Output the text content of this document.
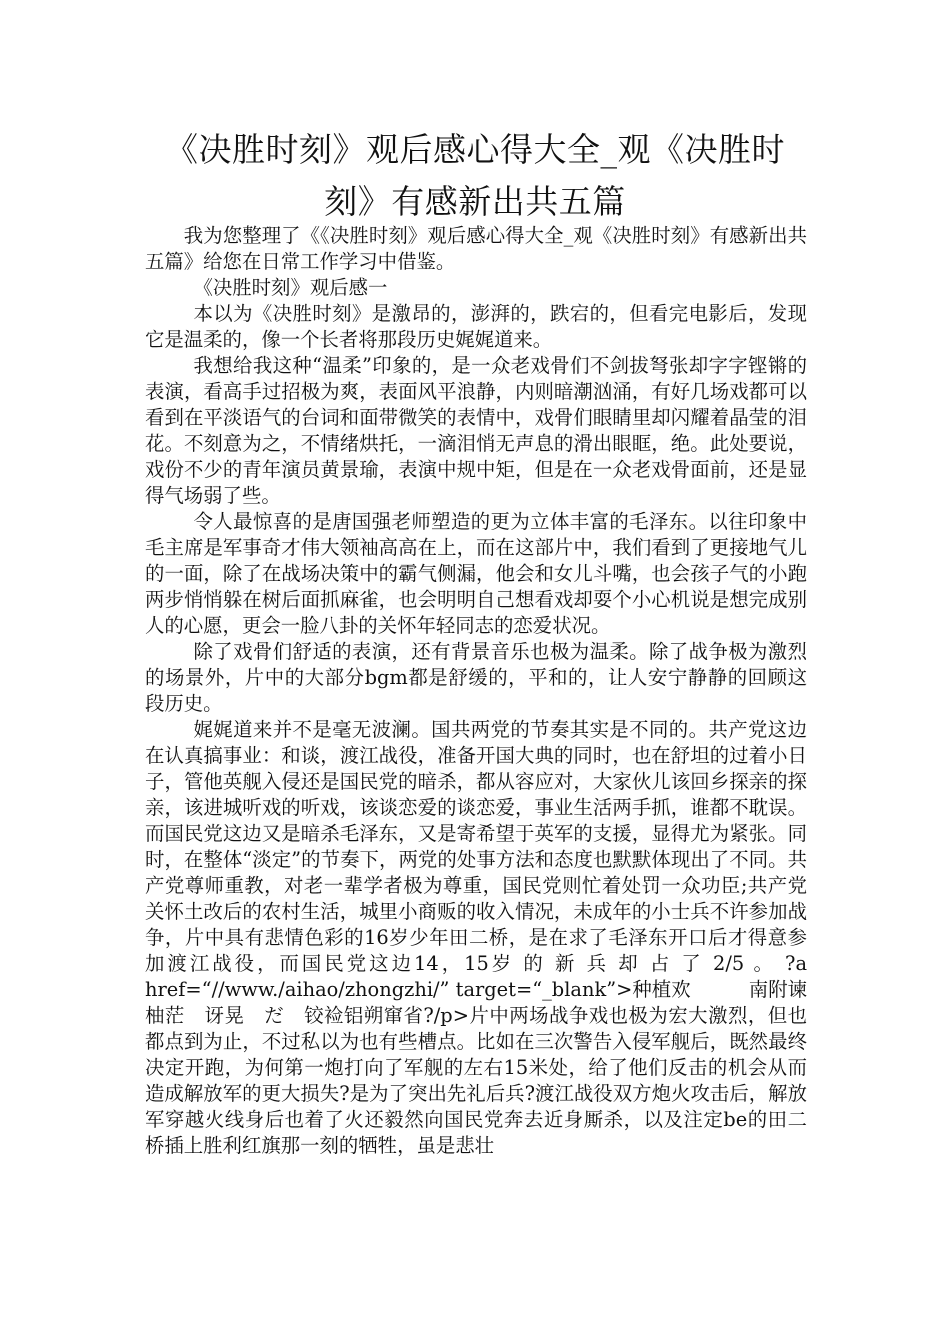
《决胜时刻》观后感心得大全_观《决胜时刻》有感新出共五篇

我为您整理了《《决胜时刻》观后感心得大全_观《决胜时刻》有感新出共五篇》给您在日常工作学习中借鉴。

《决胜时刻》观后感一

本以为《决胜时刻》是激昂的，澎湃的，跌宕的，但看完电影后，发现它是温柔的，像一个长者将那段历史娓娓道来。

我想给我这种“温柔”印象的，是一众老戏骨们不剑拔弩张却字字铿锵的表演，看高手过招极为爽，表面风平浪静，内则暗潮汹涌，有好几场戏都可以看到在平淡语气的台词和面带微笑的表情中，戏骨们眼睛里却闪耀着晶莹的泪花。不刻意为之，不情绪烘托，一滴泪悄无声息的滑出眼眶，绝。此处要说，戏份不少的青年演员黄景瑜，表演中规中矩，但是在一众老戏骨面前，还是显得气场弱了些。

令人最惊喜的是唐国强老师塑造的更为立体丰富的毛泽东。以往印象中毛主席是军事奇才伟大领袖高高在上，而在这部片中，我们看到了更接地气儿的一面，除了在战场决策中的霸气侧漏，他会和女儿斗嘴，也会孩子气的小跑两步悄悄躲在树后面抓麻雀，也会明明自己想看戏却耍个小心机说是想完成别人的心愿，更会一脸八卦的关怀年轻同志的恋爱状况。

除了戏骨们舒适的表演，还有背景音乐也极为温柔。除了战争极为激烈的场景外，片中的大部分bgm都是舒缓的，平和的，让人安宁静静的回顾这段历史。

娓娓道来并不是毫无波澜。国共两党的节奏其实是不同的。共产党这边在认真搞事业：和谈，渡江战役，准备开国大典的同时，也在舒坦的过着小日子，管他英舰入侵还是国民党的暗杀，都从容应对，大家伙儿该回乡探亲的探亲，该进城听戏的听戏，该谈恋爱的谈恋爱，事业生活两手抓，谁都不耽误。而国民党这边又是暗杀毛泽东，又是寄希望于英军的支援，显得尤为紧张。同时，在整体“淡定”的节奏下，两党的处事方法和态度也默默体现出了不同。共产党尊师重教，对老一辈学者极为尊重，国民党则忙着处罚一众功臣;共产党关怀土改后的农村生活，城里小商贩的收入情况，未成年的小士兵不许参加战争，片中具有悲情色彩的16岁少年田二桥，是在求了毛泽东开口后才得意参加渡江战役，而国民党这边14，15岁 的 新 兵 却 占 了 2/5 。 ?a href=“//www./aihao/zhongzhi/” target=“_blank”>种植欢　　　南附谏柚茫　讶晃　だ　铰裣铝朔窜省?/p>片中两场战争戏也极为宏大激烈，但也都点到为止，不过私以为也有些槽点。比如在三次警告入侵军舰后，既然最终决定开跑，为何第一炮打向了军舰的左右15米处，给了他们反击的机会从而造成解放军的更大损失?是为了突出先礼后兵?渡江战役双方炮火攻击后，解放军穿越火线身后也着了火还毅然向国民党奔去近身厮杀，以及注定be的田二桥插上胜利红旗那一刻的牺牲，虽是悲壮
